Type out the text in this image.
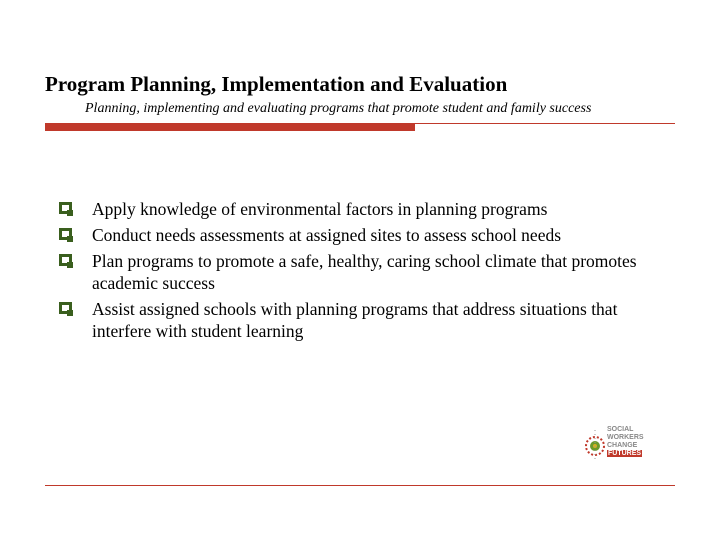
Program Planning, Implementation and Evaluation
Planning, implementing and evaluating programs that promote student and family success
Apply knowledge of environmental factors in planning programs
Conduct needs assessments at assigned sites to assess school needs
Plan programs to promote a safe, healthy, caring school climate that promotes academic success
Assist assigned schools with planning programs that address situations that interfere with student learning
SOCIAL
WORKERS
CHANGE
FUTURES
